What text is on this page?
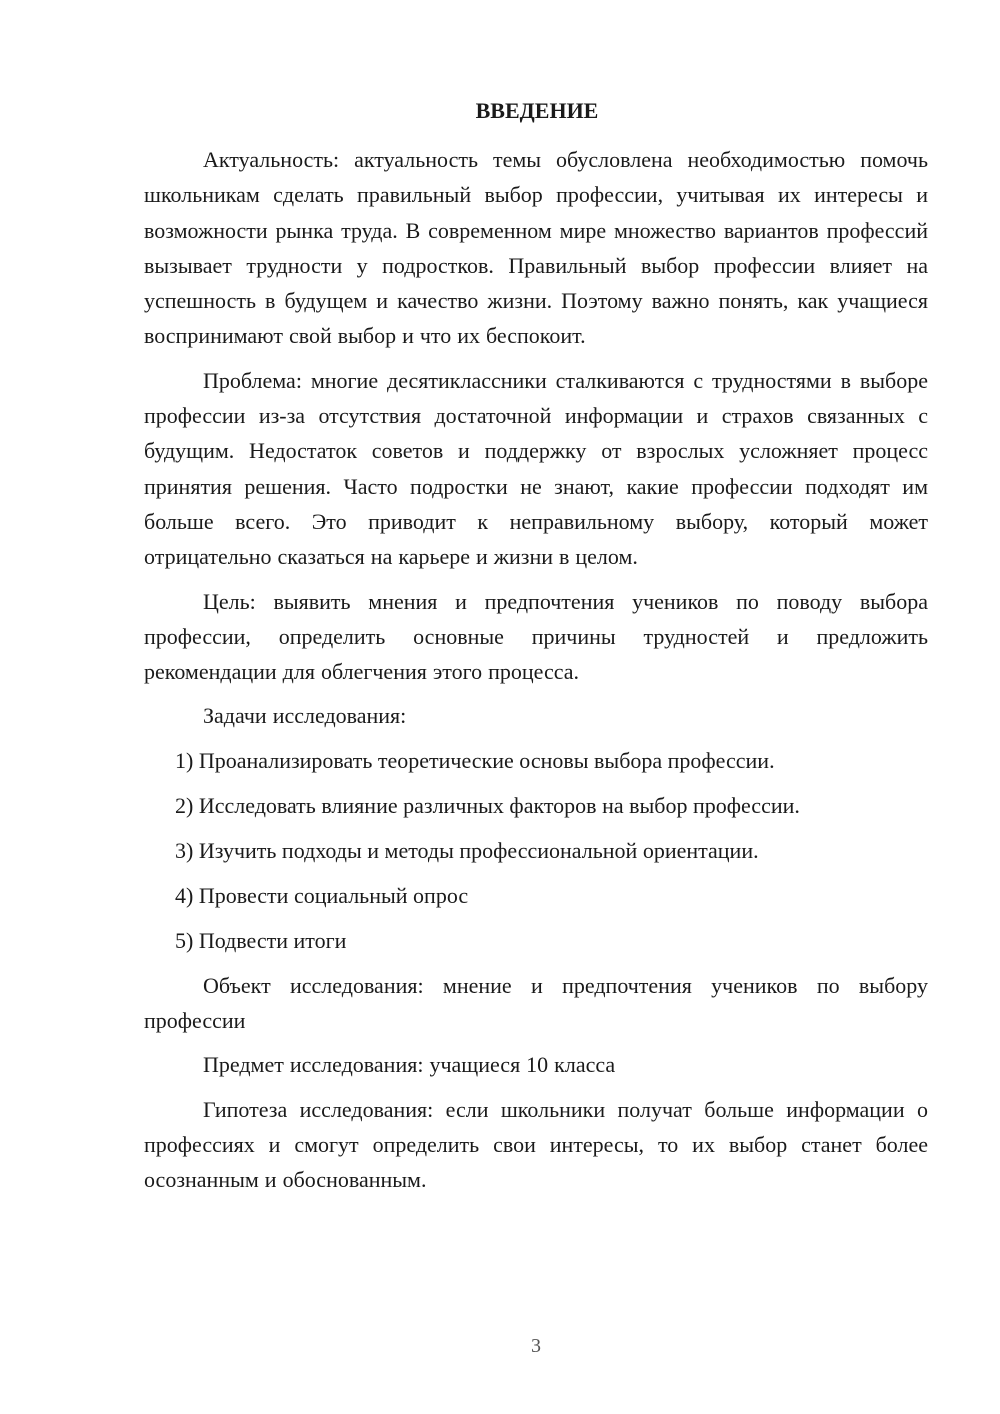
ВВЕДЕНИЕ

Актуальность: актуальность темы обусловлена необходимостью помочь школьникам сделать правильный выбор профессии, учитывая их интересы и возможности рынка труда. В современном мире множество вариантов профессий вызывает трудности у подростков. Правильный выбор профессии влияет на успешность в будущем и качество жизни. Поэтому важно понять, как учащиеся воспринимают свой выбор и что их беспокоит.

Проблема: многие десятиклассники сталкиваются с трудностями в выборе профессии из-за отсутствия достаточной информации и страхов связанных с будущим. Недостаток советов и поддержку от взрослых усложняет процесс принятия решения. Часто подростки не знают, какие профессии подходят им больше всего. Это приводит к неправильному выбору, который может отрицательно сказаться на карьере и жизни в целом.

Цель: выявить мнения и предпочтения учеников по поводу выбора профессии, определить основные причины трудностей и предложить рекомендации для облегчения этого процесса.

Задачи исследования:

1) Проанализировать теоретические основы выбора профессии.
2) Исследовать влияние различных факторов на выбор профессии.
3) Изучить подходы и методы профессиональной ориентации.
4) Провести социальный опрос
5) Подвести итоги

Объект исследования: мнение и предпочтения учеников по выбору профессии

Предмет исследования: учащиеся 10 класса

Гипотеза исследования: если школьники получат больше информации о профессиях и смогут определить свои интересы, то их выбор станет более осознанным и обоснованным.

3
